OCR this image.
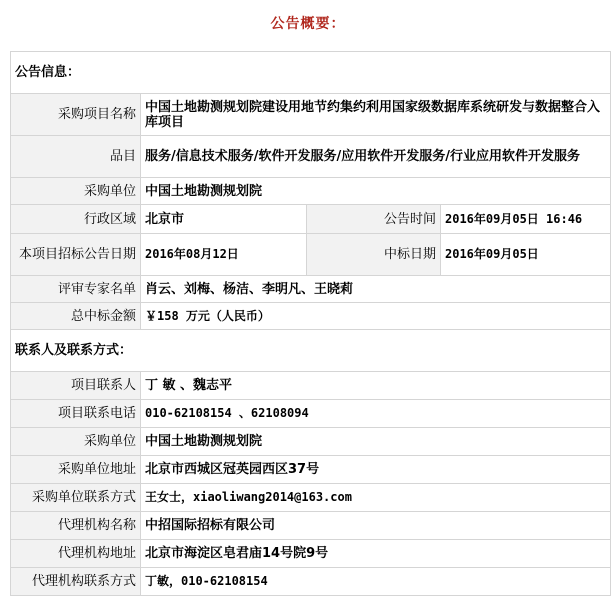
公告概要：
公告信息：			
采购项目名称	中国土地勘测规划院建设用地节约集约利用国家级数据库系统研发与数据整合入库项目		
品目	服务/信息技术服务/软件开发服务/应用软件开发服务/行业应用软件开发服务		
采购单位	中国土地勘测规划院		
行政区域	北京市	公告时间	2016年09月05日 16:46
本项目招标公告日期	2016年08月12日	中标日期	2016年09月05日
评审专家名单	肖云、刘梅、杨洁、李明凡、王晓莉		
总中标金额	￥158 万元（人民币）		
联系人及联系方式：			
项目联系人	丁 敏 、魏志平		
项目联系电话	010-62108154 、62108094		
采购单位	中国土地勘测规划院		
采购单位地址	北京市西城区冠英园西区37号		
采购单位联系方式	王女士，xiaoliwang2014@163.com		
代理机构名称	中招国际招标有限公司		
代理机构地址	北京市海淀区皂君庙14号院9号		
代理机构联系方式	丁敏，010-62108154		
